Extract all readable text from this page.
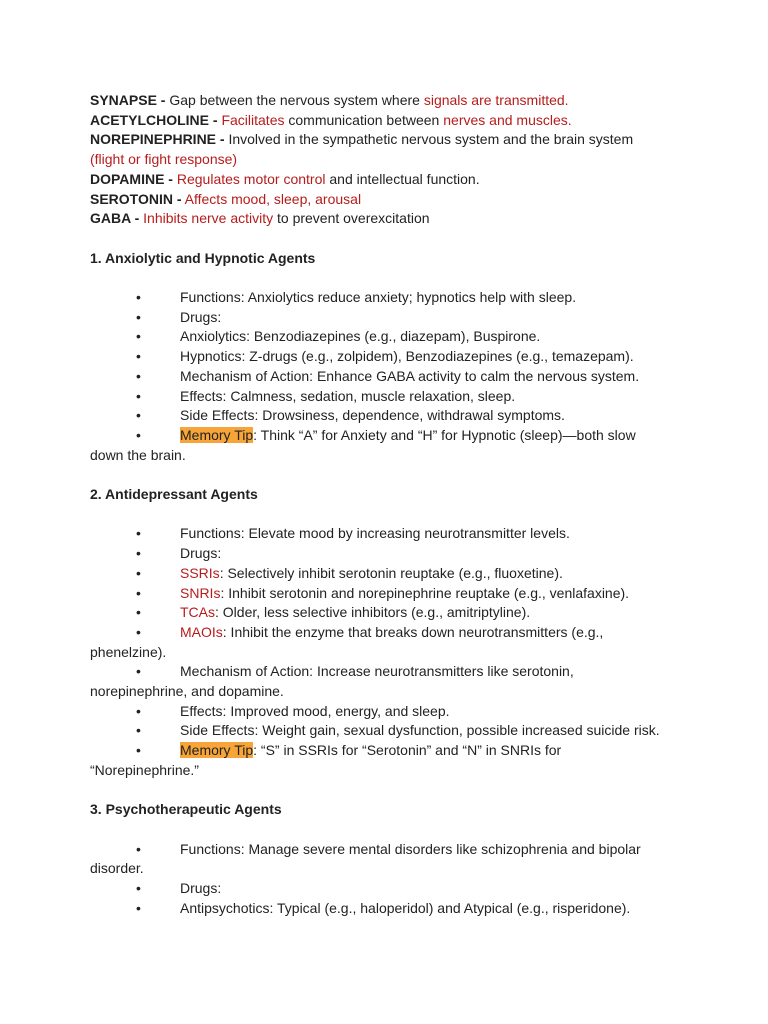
SYNAPSE - Gap between the nervous system where signals are transmitted.

ACETYLCHOLINE - Facilitates communication between nerves and muscles.

NOREPINEPHRINE - Involved in the sympathetic nervous system and the brain system

(flight or fight response)

DOPAMINE - Regulates motor control and intellectual function.

SEROTONIN - Affects mood, sleep, arousal

GABA - Inhibits nerve activity to prevent overexcitation

1. Anxiolytic and Hypnotic Agents

•	Functions: Anxiolytics reduce anxiety; hypnotics help with sleep.

•	Drugs:

•	Anxiolytics: Benzodiazepines (e.g., diazepam), Buspirone.

•	Hypnotics: Z-drugs (e.g., zolpidem), Benzodiazepines (e.g., temazepam).

•	Mechanism of Action: Enhance GABA activity to calm the nervous system.

•	Effects: Calmness, sedation, muscle relaxation, sleep.

•	Side Effects: Drowsiness, dependence, withdrawal symptoms.

•	Memory Tip: Think “A” for Anxiety and “H” for Hypnotic (sleep)—both slow

down the brain.

2. Antidepressant Agents

•	Functions: Elevate mood by increasing neurotransmitter levels.

•	Drugs:

•	SSRIs: Selectively inhibit serotonin reuptake (e.g., fluoxetine).

•	SNRIs: Inhibit serotonin and norepinephrine reuptake (e.g., venlafaxine).

•	TCAs: Older, less selective inhibitors (e.g., amitriptyline).

•	MAOIs: Inhibit the enzyme that breaks down neurotransmitters (e.g.,

phenelzine).

•	Mechanism of Action: Increase neurotransmitters like serotonin,

norepinephrine, and dopamine.

•	Effects: Improved mood, energy, and sleep.

•	Side Effects: Weight gain, sexual dysfunction, possible increased suicide risk.

•	Memory Tip: “S” in SSRIs for “Serotonin” and “N” in SNRIs for

“Norepinephrine.”

3. Psychotherapeutic Agents

•	Functions: Manage severe mental disorders like schizophrenia and bipolar

disorder.

•	Drugs:

•	Antipsychotics: Typical (e.g., haloperidol) and Atypical (e.g., risperidone).
